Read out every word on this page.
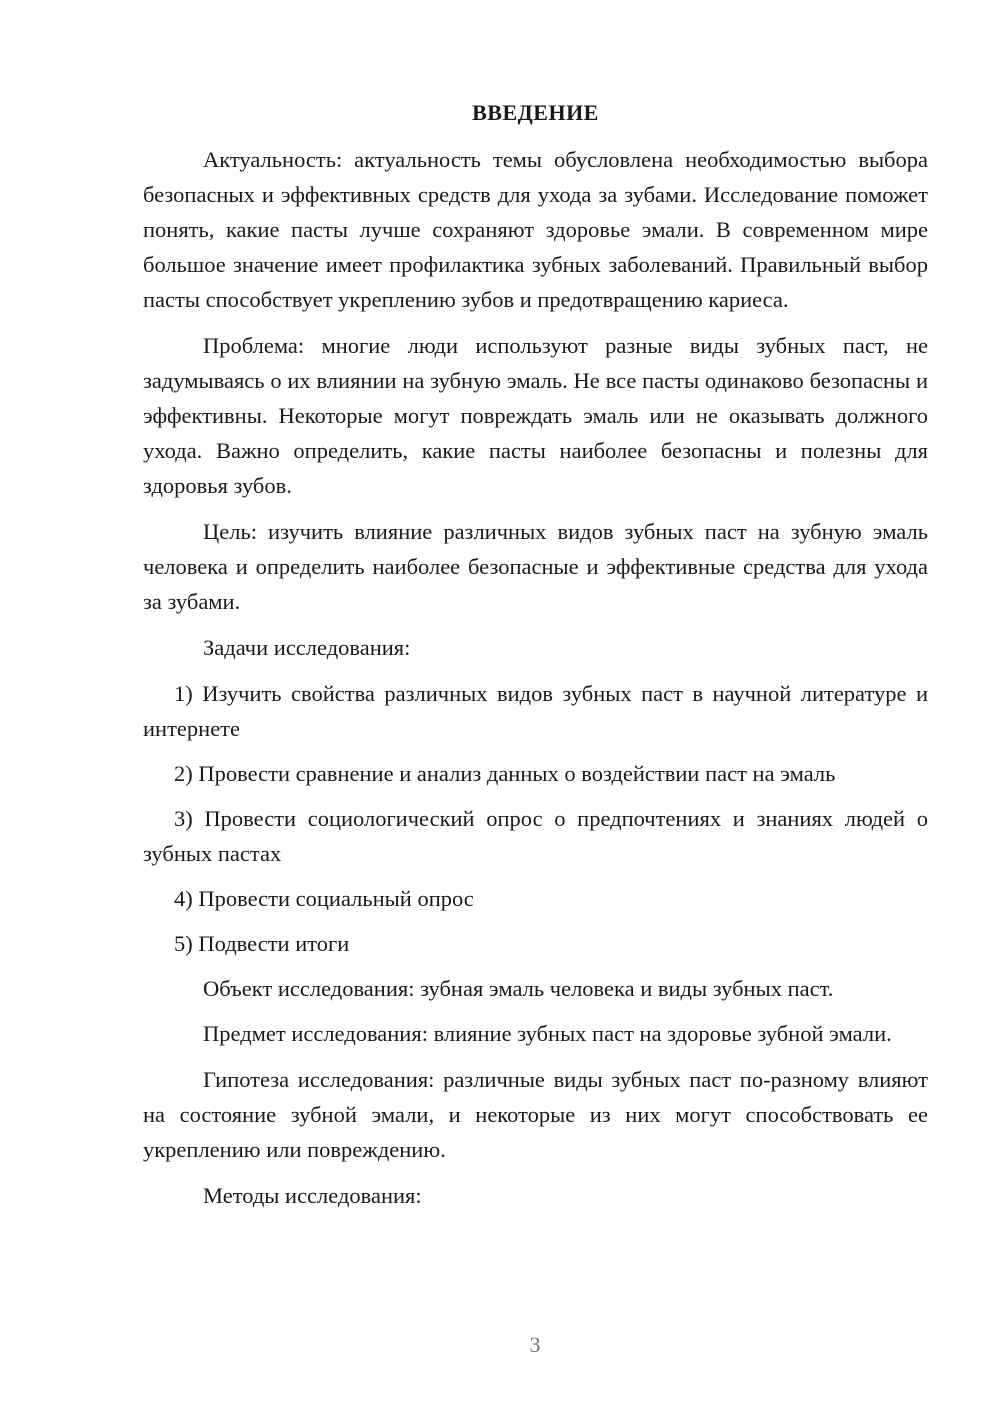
ВВЕДЕНИЕ

Актуальность: актуальность темы обусловлена необходимостью выбора безопасных и эффективных средств для ухода за зубами. Исследование поможет понять, какие пасты лучше сохраняют здоровье эмали. В современном мире большое значение имеет профилактика зубных заболеваний. Правильный выбор пасты способствует укреплению зубов и предотвращению кариеса.

Проблема: многие люди используют разные виды зубных паст, не задумываясь о их влиянии на зубную эмаль. Не все пасты одинаково безопасны и эффективны. Некоторые могут повреждать эмаль или не оказывать должного ухода. Важно определить, какие пасты наиболее безопасны и полезны для здоровья зубов.

Цель: изучить влияние различных видов зубных паст на зубную эмаль человека и определить наиболее безопасные и эффективные средства для ухода за зубами.

Задачи исследования:

1) Изучить свойства различных видов зубных паст в научной литературе и интернете

2) Провести сравнение и анализ данных о воздействии паст на эмаль

3) Провести социологический опрос о предпочтениях и знаниях людей о зубных пастах

4) Провести социальный опрос

5) Подвести итоги

Объект исследования: зубная эмаль человека и виды зубных паст.

Предмет исследования: влияние зубных паст на здоровье зубной эмали.

Гипотеза исследования: различные виды зубных паст по-разному влияют на состояние зубной эмали, и некоторые из них могут способствовать ее укреплению или повреждению.

Методы исследования:

3
